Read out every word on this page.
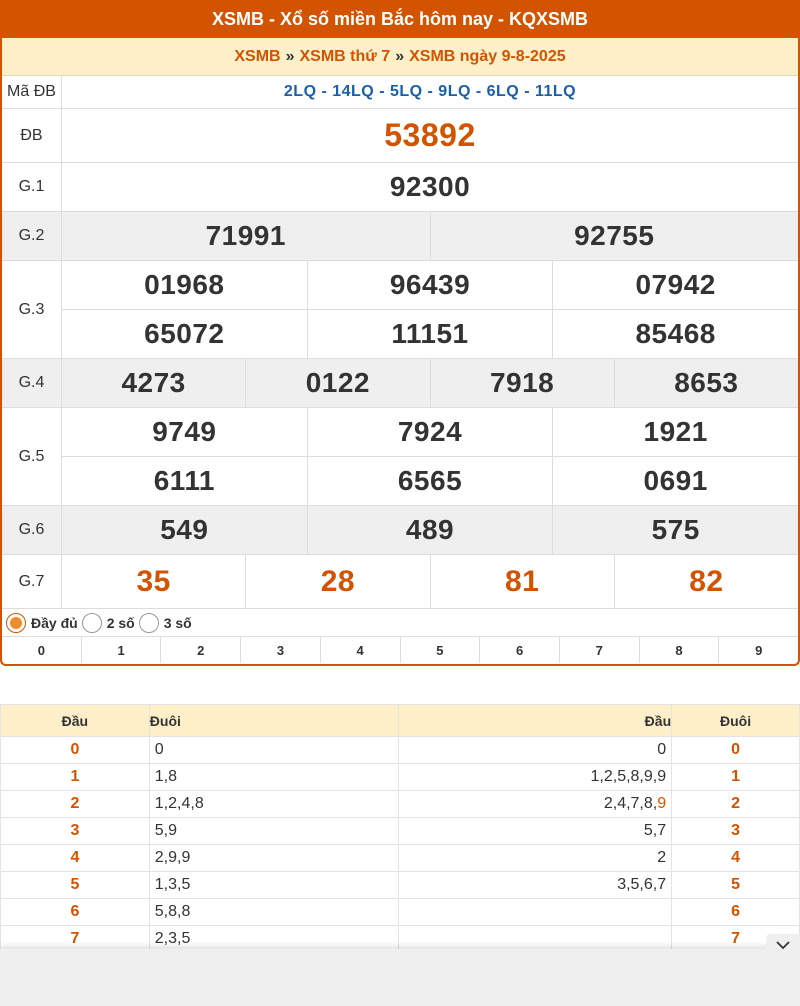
XSMB - Xổ số miền Bắc hôm nay - KQXSMB
XSMB » XSMB thứ 7 » XSMB ngày 9-8-2025
Mã ĐB	2LQ - 14LQ - 5LQ - 9LQ - 6LQ - 11LQ
ĐB	53892
G.1	92300
G.2	71991	92755
G.3
01968	96439	07942
65072	11151	85468
G.4	4273	0122	7918	8653
G.5
9749	7924	1921
6111	6565	0691
G.6	549	489	575
G.7	35	28	81	82
Đầy đủ 2 số 3 số
0	1	2	3	4	5	6	7	8	9
Đầu	Đuôi	Đầu	Đuôi
0	0	0	0
1	1,8	1,2,5,8,9,9	1
2	1,2,4,8	2,4,7,8,9	2
3	5,9	5,7	3
4	2,9,9	2	4
5	1,3,5	3,5,6,7	5
6	5,8,8		6
7	2,3,5		7
